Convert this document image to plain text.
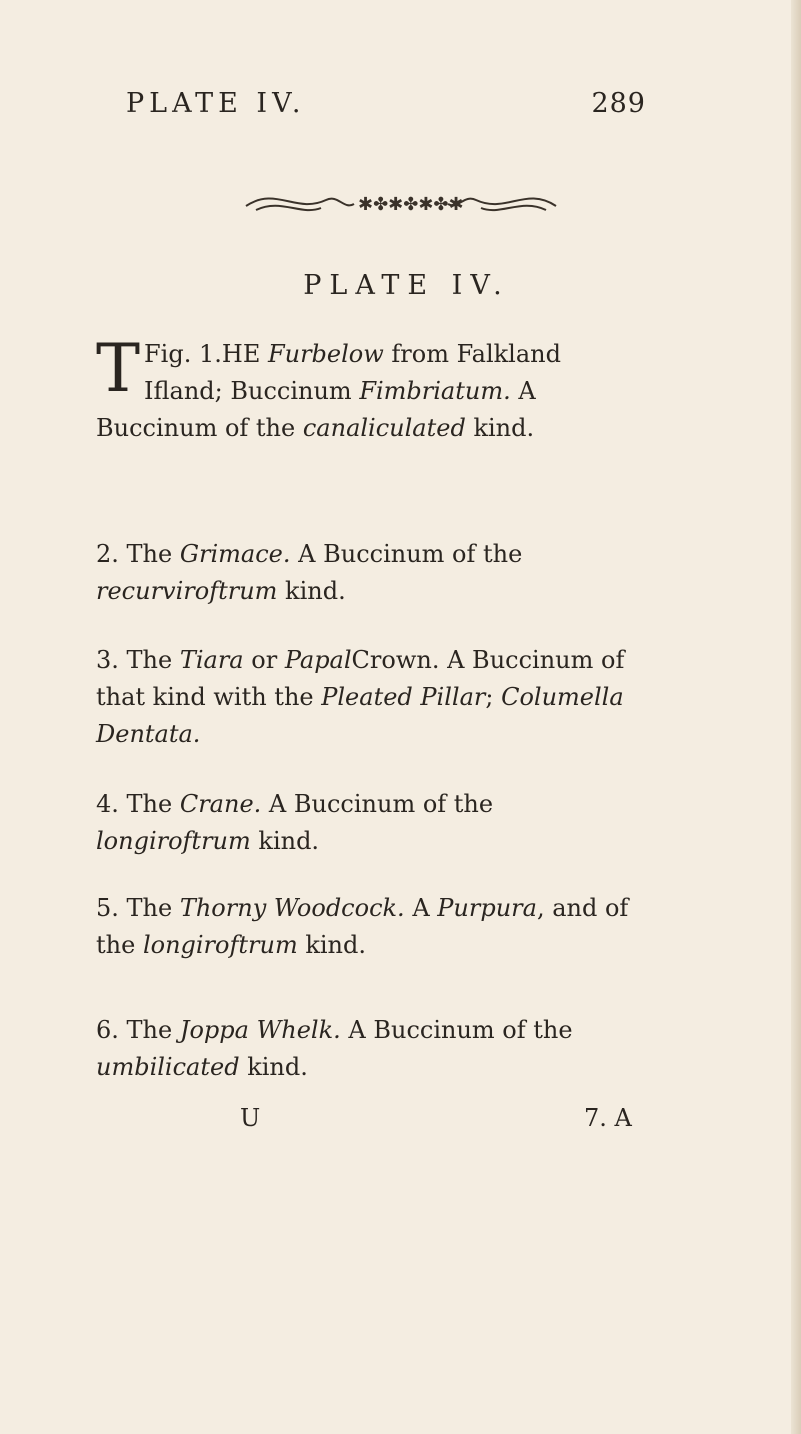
PLATE IV.	289
✱✤✱✤✱✤✱
PLATE IV.
Fig. 1.
T	HE Furbelow from Falkland Ifland; Buccinum Fimbriatum. A Buccinum of the canaliculated kind.
2. The Grimace. A Buccinum of the recurviroftrum kind.
3. The Tiara or PapalCrown. A Buccinum of that kind with the Pleated Pillar; Columella Dentata.
4. The Crane. A Buccinum of the longiroftrum kind.
5. The Thorny Woodcock. A Purpura, and of the longiroftrum kind.
6. The Joppa Whelk. A Buccinum of the umbilicated kind.
U	7. A
